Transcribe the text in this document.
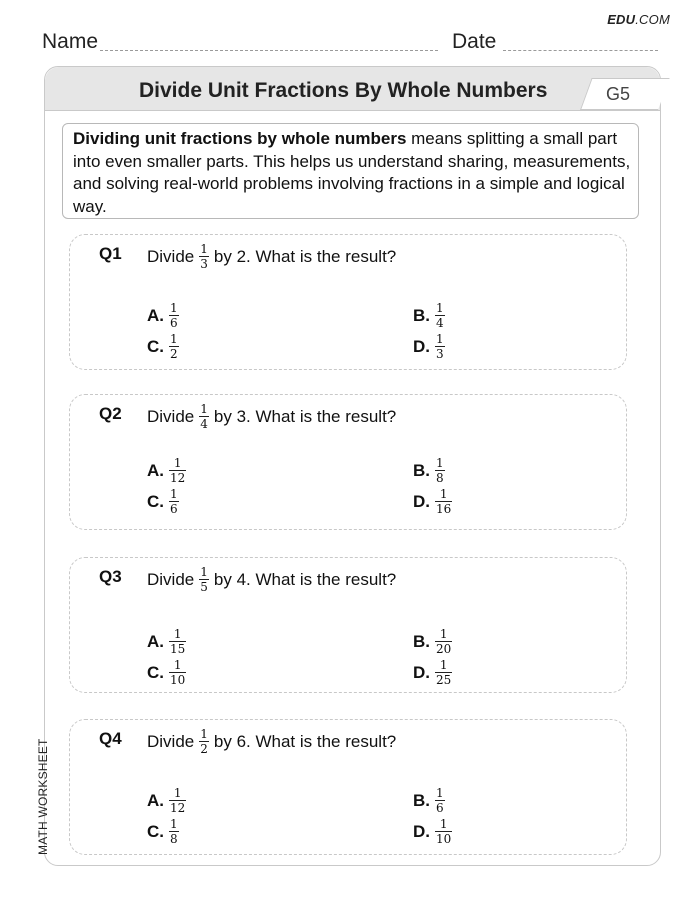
EDU.COM
Name	Date
Divide Unit Fractions By Whole Numbers	G5
Dividing unit fractions by whole numbers means splitting a small part into even smaller parts. This helps us understand sharing, measurements, and solving real-world problems involving fractions in a simple and logical way.
Q1 Divide $\frac{1}{3}$ by 2. What is the result?
A. $\frac{1}{6}$	B. $\frac{1}{4}$
C. $\frac{1}{2}$	D. $\frac{1}{3}$
Q2 Divide $\frac{1}{4}$ by 3. What is the result?
A. $\frac{1}{12}$	B. $\frac{1}{8}$
C. $\frac{1}{6}$	D. $\frac{1}{16}$
Q3 Divide $\frac{1}{5}$ by 4. What is the result?
A. $\frac{1}{15}$	B. $\frac{1}{20}$
C. $\frac{1}{10}$	D. $\frac{1}{25}$
Q4 Divide $\frac{1}{2}$ by 6. What is the result?
A. $\frac{1}{12}$	B. $\frac{1}{6}$
C. $\frac{1}{8}$	D. $\frac{1}{10}$
MATH WORKSHEET
